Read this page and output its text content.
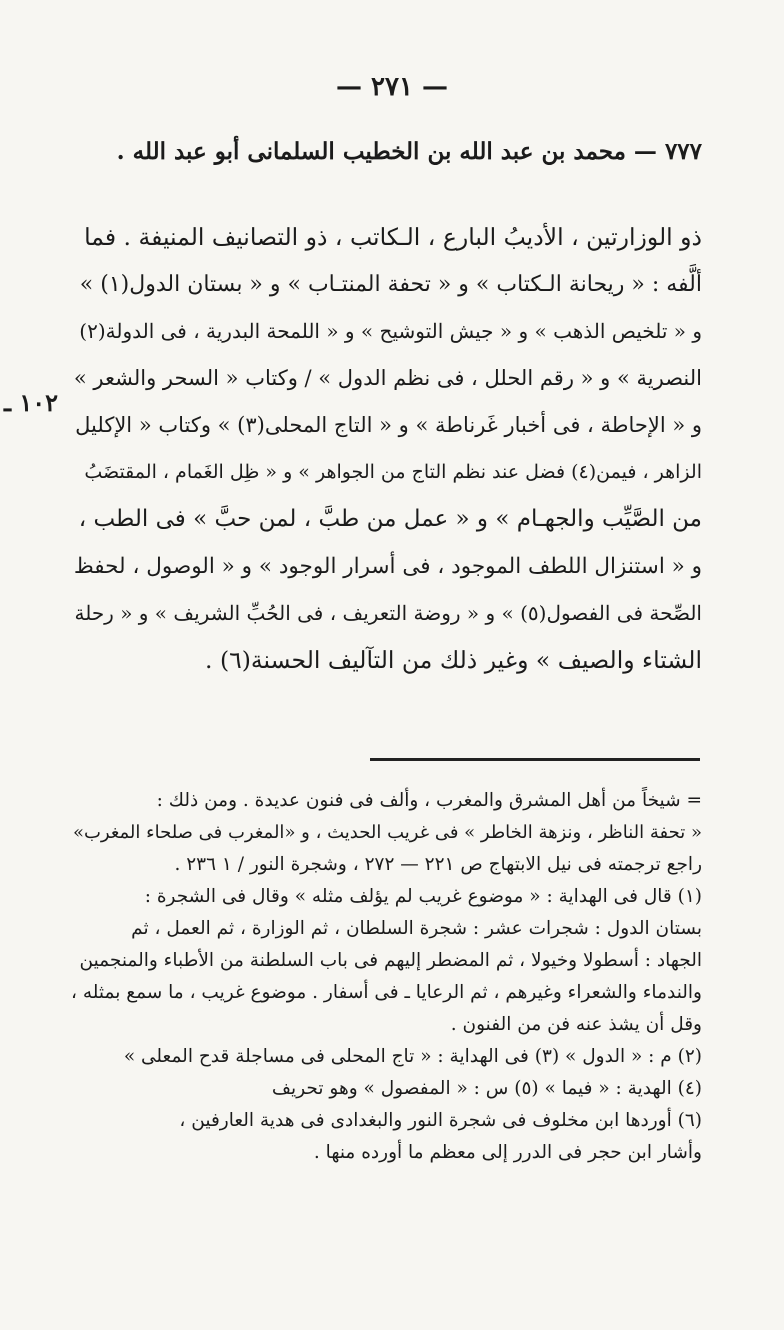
— ٢٧١ —
٧٧٧ — محمد بن عبد الله بن الخطيب السلمانى أبو عبد الله .
١٠٢ ـ
ذو الوزارتين ، الأديبُ البارع ، الـكاتب ، ذو التصانيف المنيفة . فما
ألَّفه : « ريحانة الـكتاب » و « تحفة المنتـاب » و « بستان الدول(١) »
و « تلخيص الذهب » و « جيش التوشيح » و « اللمحة البدرية ، فى الدولة(٢)
النصرية » و « رقم الحلل ، فى نظم الدول » / وكتاب « السحر والشعر »
و « الإحاطة ، فى أخبار غَرناطة » و « التاج المحلى(٣) » وكتاب « الإكليل
الزاهر ، فيمن(٤) فضل عند نظم التاج من الجواهر » و « ظِل الغَمام ، المقتضَبُ
من الصَّيِّب والجهـام » و « عمل من طبَّ ، لمن حبَّ » فى الطب ،
و « استنزال اللطف الموجود ، فى أسرار الوجود » و « الوصول ، لحفظ
الصِّحة فى الفصول(٥) » و « روضة التعريف ، فى الحُبِّ الشريف » و « رحلة
الشتاء والصيف » وغير ذلك من التآليف الحسنة(٦) .
= شيخاً من أهل المشرق والمغرب ، وألف فى فنون عديدة . ومن ذلك :
« تحفة الناظر ، ونزهة الخاطر » فى غريب الحديث ، و «المغرب فى صلحاء المغرب»
راجع ترجمته فى نيل الابتهاج ص ٢٢١ — ٢٧٢ ، وشجرة النور / ١ ٢٣٦ .
(١) قال فى الهداية : « موضوع غريب لم يؤلف مثله » وقال فى الشجرة :
بستان الدول : شجرات عشر : شجرة السلطان ، ثم الوزارة ، ثم العمل ، ثم
الجهاد : أسطولا وخيولا ، ثم المضطر إليهم فى باب السلطنة من الأطباء والمنجمين
والندماء والشعراء وغيرهم ، ثم الرعايا ـ فى أسفار . موضوع غريب ، ما سمع بمثله ،
وقل أن يشذ عنه فن من الفنون .
(٢) م : « الدول » (٣) فى الهداية : « تاج المحلى فى مساجلة قدح المعلى »
(٤) الهدية : « فيما » (٥) س : « المفصول » وهو تحريف
(٦) أوردها ابن مخلوف فى شجرة النور والبغدادى فى هدية العارفين ،
وأشار ابن حجر فى الدرر إلى معظم ما أورده منها .
